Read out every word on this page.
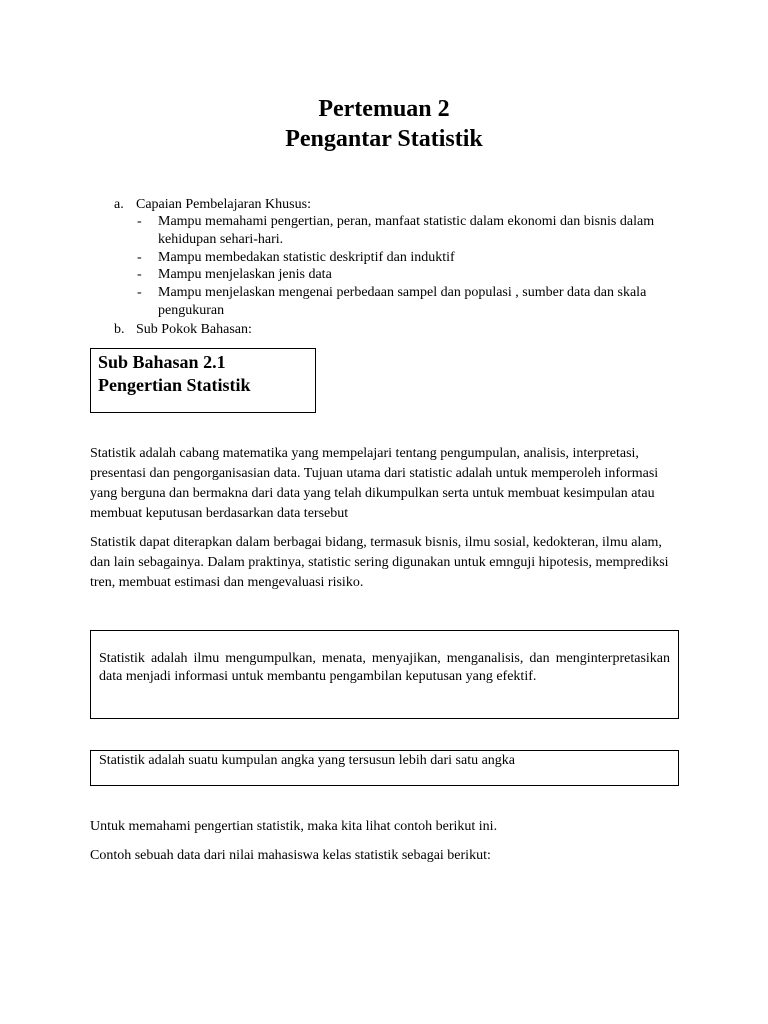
Pertemuan 2
Pengantar Statistik
a. Capaian Pembelajaran Khusus:
- Mampu memahami pengertian, peran, manfaat statistic dalam ekonomi dan bisnis dalam kehidupan sehari-hari.
- Mampu membedakan statistic deskriptif dan induktif
- Mampu menjelaskan jenis data
- Mampu menjelaskan mengenai perbedaan sampel dan populasi , sumber data dan skala pengukuran
b. Sub Pokok Bahasan:
Sub Bahasan 2.1
Pengertian Statistik

Statistik adalah cabang matematika yang mempelajari tentang pengumpulan, analisis, interpretasi, presentasi dan pengorganisasian data. Tujuan utama dari statistic adalah untuk memperoleh informasi yang berguna dan bermakna dari data yang telah dikumpulkan serta untuk membuat kesimpulan atau membuat keputusan berdasarkan data tersebut

Statistik dapat diterapkan dalam berbagai bidang, termasuk bisnis, ilmu sosial, kedokteran, ilmu alam, dan lain sebagainya. Dalam praktinya, statistic sering digunakan untuk emnguji hipotesis, memprediksi tren, membuat estimasi dan mengevaluasi risiko.

Statistik adalah ilmu mengumpulkan, menata, menyajikan, menganalisis, dan menginterpretasikan data menjadi informasi untuk membantu pengambilan keputusan yang efektif.

Statistik adalah suatu kumpulan angka yang tersusun lebih dari satu angka

Untuk memahami pengertian statistik, maka kita lihat contoh berikut ini.
Contoh sebuah data dari nilai mahasiswa kelas statistik sebagai berikut:
